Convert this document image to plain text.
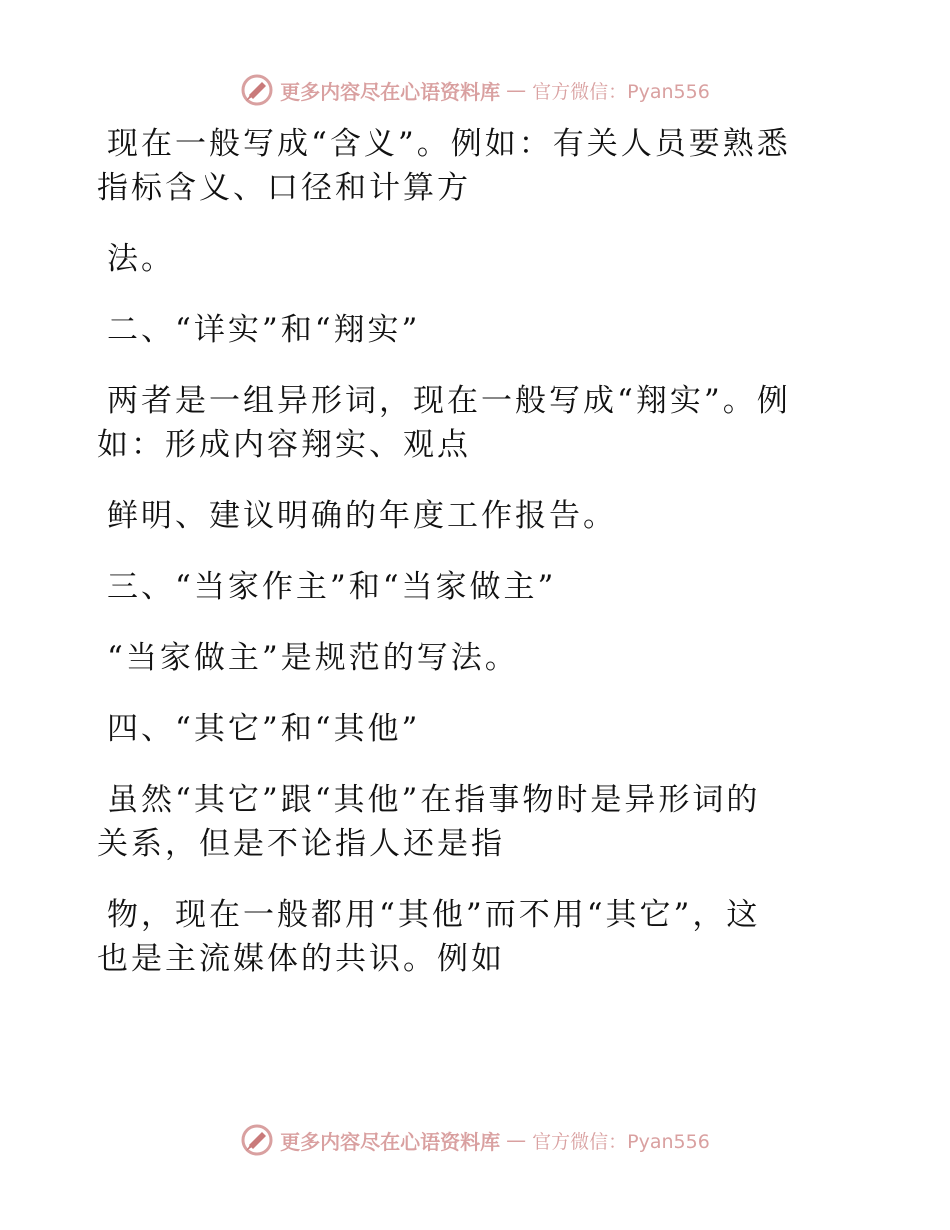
更多内容尽在心语资料库 — 官方微信：Pyan556
现在一般写成“含义”。例如：有关人员要熟悉
指标含义、口径和计算方
法。
二、“详实”和“翔实”
两者是一组异形词，现在一般写成“翔实”。例
如：形成内容翔实、观点
鲜明、建议明确的年度工作报告。
三、“当家作主”和“当家做主”
“当家做主”是规范的写法。
四、“其它”和“其他”
虽然“其它”跟“其他”在指事物时是异形词的
关系，但是不论指人还是指
物，现在一般都用“其他”而不用“其它”，这
也是主流媒体的共识。例如
更多内容尽在心语资料库 — 官方微信：Pyan556
